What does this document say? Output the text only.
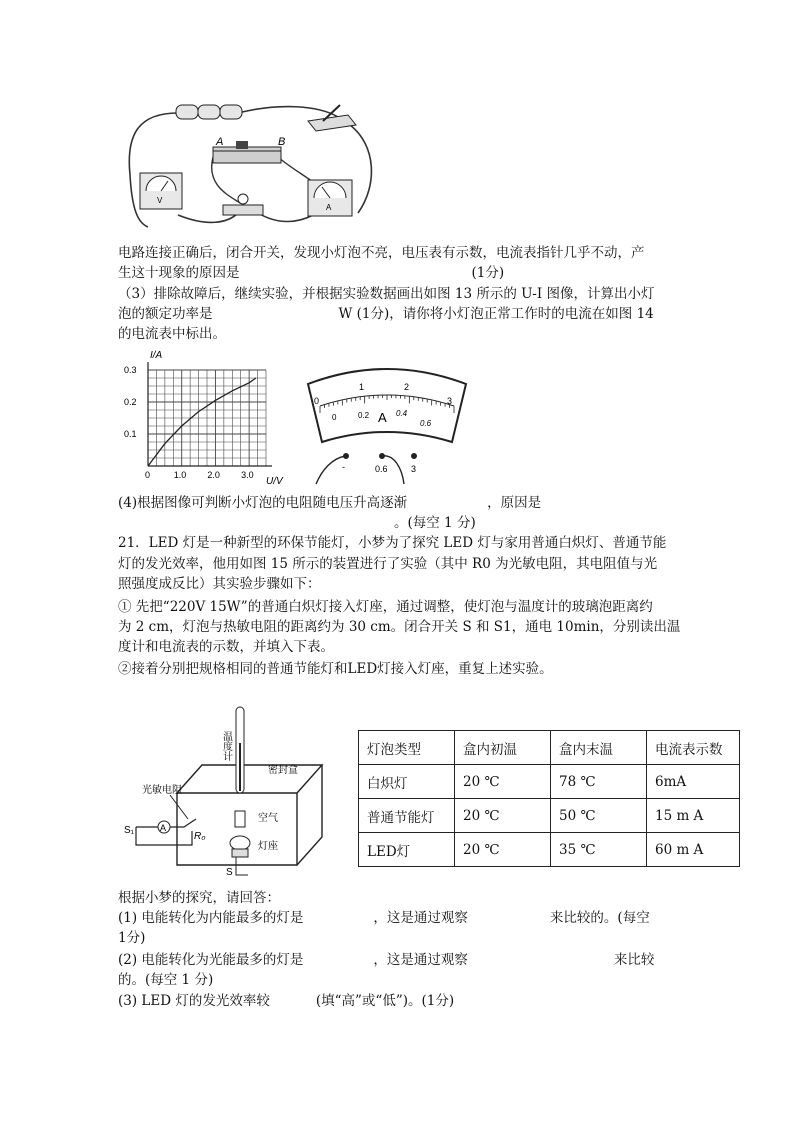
A	B
V
A
电路连接正确后，闭合开关，发现小灯泡不亮，电压表有示数，电流表指针几乎不动，产
生这十现象的原因是	(1分)
（3）排除故障后，继续实验，并根据实验数据画出如图 13 所示的 U-I 图像，计算出小灯
泡的额定功率是	W (1分)，请你将小灯泡正常工作时的电流在如图 14
的电流表中标出。
I/A
U/V
0	1.0 2.0 3.0
0.1
0.2
0.3
0
1	2
3
0	0.2	0.4
0.6
A
-	0.6	3
(4)根据图像可判断小灯泡的电阻随电压升高逐渐	，原因是
。(每空 1 分)
21．LED 灯是一种新型的环保节能灯，小梦为了探究 LED 灯与家用普通白炽灯、普通节能
灯的发光效率，他用如图 15 所示的装置进行了实验（其中 R0 为光敏电阻，其电阻值与光
照强度成反比）其实验步骤如下：
① 先把“220V 15W”的普通白炽灯接入灯座，通过调整，使灯泡与温度计的玻璃泡距离约
为 2 cm，灯泡与热敏电阻的距离约为 30 cm。闭合开关 S 和 S1，通电 10min，分别读出温
度计和电流表的示数，并填入下表。
②接着分别把规格相同的普通节能灯和LED灯接入灯座，重复上述实验。
温度计
密封盒
光敏电阻
空气
灯座
A
S₁
R₀
S
灯泡类型	盒内初温	盒内末温	电流表示数
白炽灯	20 ℃	78 ℃	6mA
普通节能灯	20 ℃	50 ℃	15 m A
LED灯	20 ℃	35 ℃	60 m A
根据小梦的探究，请回答：
(1) 电能转化为内能最多的灯是	，这是通过观察	来比较的。(每空
1分)
(2) 电能转化为光能最多的灯是	，这是通过观察	来比较
的。(每空 1 分)
(3) LED 灯的发光效率较	(填“高”或“低”)。(1分)
